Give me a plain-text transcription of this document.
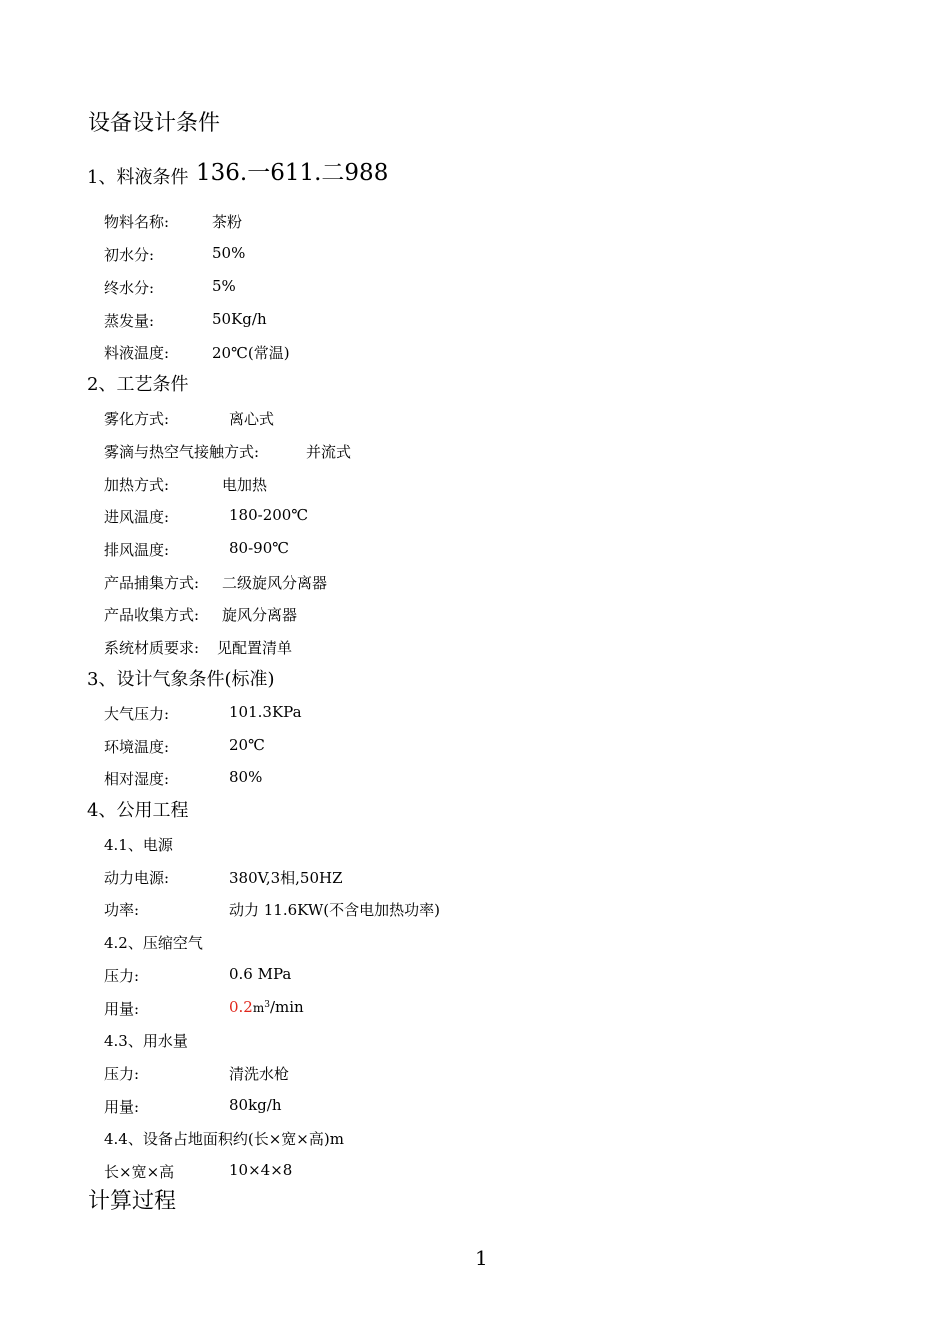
设备设计条件
1、料液条件 136.一611.二988
物料名称:	茶粉
初水分:	50%
终水分:	5%
蒸发量:	50Kg/h
料液温度:	20℃(常温)
2、工艺条件
雾化方式:	离心式
雾滴与热空气接触方式:	并流式
加热方式:	电加热
进风温度:	180-200℃
排风温度:	80-90℃
产品捕集方式: 二级旋风分离器
产品收集方式: 旋风分离器
系统材质要求: 见配置清单
3、设计气象条件(标准)
大气压力:	101.3KPa
环境温度:	20℃
相对湿度:	80%
4、公用工程
4.1、电源
动力电源:	380V,3相,50HZ
功率:	动力 11.6KW(不含电加热功率)
4.2、压缩空气
压力:	0.6 MPa
用量:	$0.2m^3/\min$
4.3、用水量
压力:	清洗水枪
用量:	80kg/h
4.4、设备占地面积约(长×宽×高)m
长×宽×高	10×4×8
计算过程
1
